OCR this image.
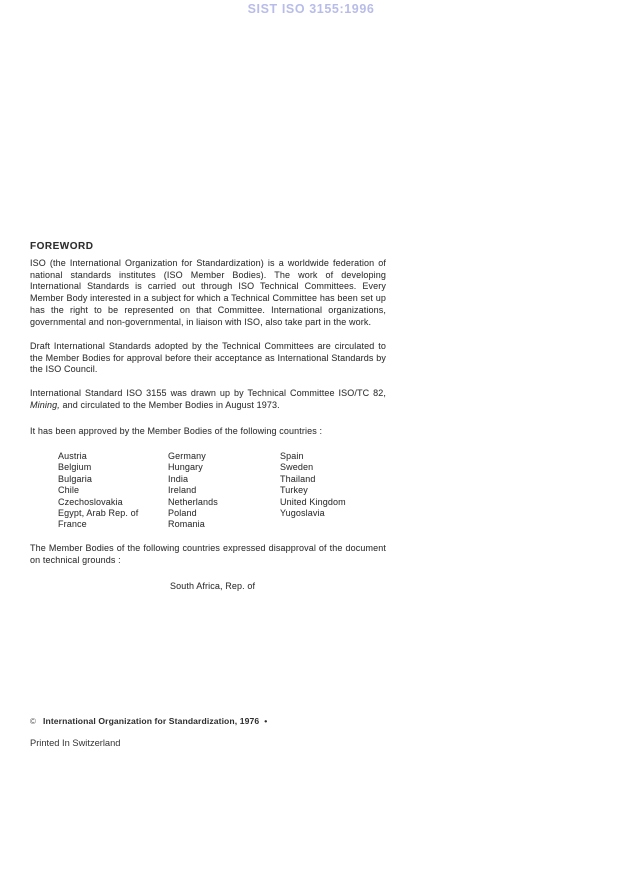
SIST ISO 3155:1996
FOREWORD
ISO (the International Organization for Standardization) is a worldwide federation of national standards institutes (ISO Member Bodies). The work of developing International Standards is carried out through ISO Technical Committees. Every Member Body interested in a subject for which a Technical Committee has been set up has the right to be represented on that Committee. International organizations, governmental and non-governmental, in liaison with ISO, also take part in the work.
Draft International Standards adopted by the Technical Committees are circulated to the Member Bodies for approval before their acceptance as International Standards by the ISO Council.
International Standard ISO 3155 was drawn up by Technical Committee ISO/TC 82, Mining, and circulated to the Member Bodies in August 1973.
It has been approved by the Member Bodies of the following countries :
Austria
Belgium
Bulgaria
Chile
Czechoslovakia
Egypt, Arab Rep. of
France
Germany
Hungary
India
Ireland
Netherlands
Poland
Romania
Spain
Sweden
Thailand
Turkey
United Kingdom
Yugoslavia
The Member Bodies of the following countries expressed disapproval of the document on technical grounds :
South Africa, Rep. of
© International Organization for Standardization, 1976 •
Printed In Switzerland
